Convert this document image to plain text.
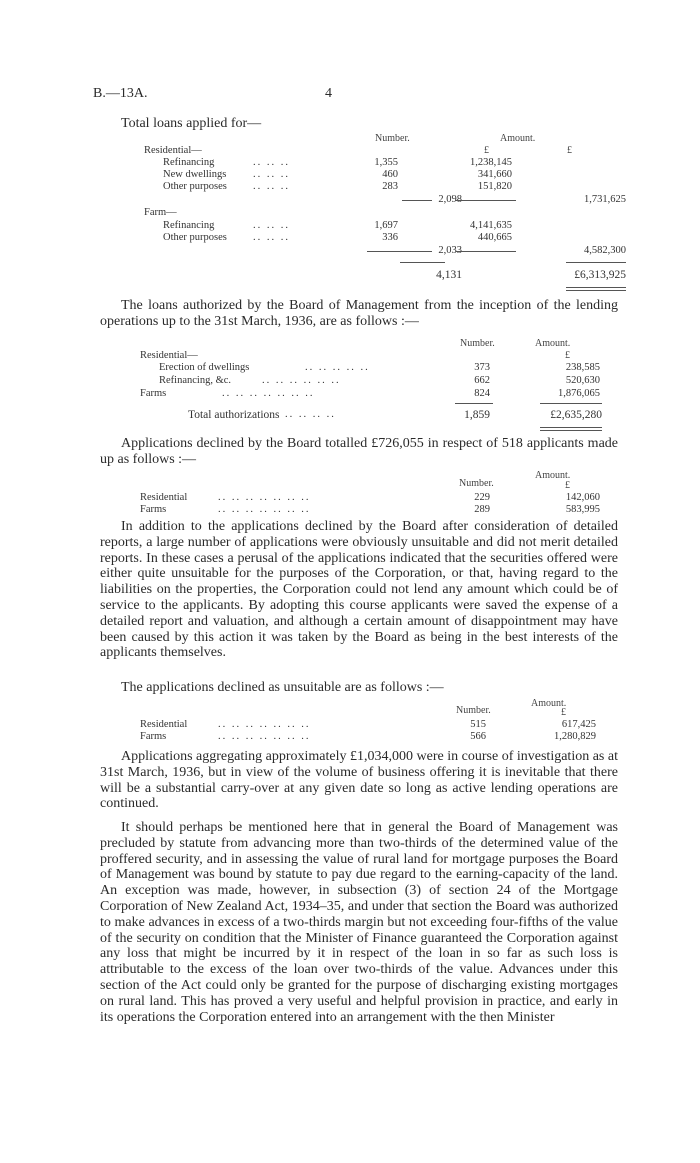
B.—13A.	4
Total loans applied for—
Number.	Amount.
£	£
Residential—
Refinancing	.. .. ..	1,355	1,238,145
New dwellings	.. .. ..	460	341,660
Other purposes .. .. ..	283	151,820
2,098	1,731,625
Farm—
Refinancing	.. .. ..	1,697	4,141,635
Other purposes .. .. ..	336	440,665
2,033	4,582,300
4,131	£6,313,925

The loans authorized by the Board of Management from the inception of the lending operations up to the 31st March, 1936, are as follows :—

Number.	Amount.
£
Residential—
Erection of dwellings	.. .. .. .. ..	373	238,585
Refinancing, &c.	.. .. .. .. .. ..	662	520,630
Farms	.. .. .. .. .. .. ..	824	1,876,065
Total authorizations .. .. .. ..	1,859	£2,635,280

Applications declined by the Board totalled £726,055 in respect of 518 applicants made up as follows :—

Amount.
Number.	£
Residential	.. .. .. .. .. .. ..	229	142,060
Farms	.. .. .. .. .. .. ..	289	583,995

In addition to the applications declined by the Board after consideration of detailed reports, a large number of applications were obviously unsuitable and did not merit detailed reports. In these cases a perusal of the applications indicated that the securities offered were either quite unsuitable for the purposes of the Corporation, or that, having regard to the liabilities on the properties, the Corporation could not lend any amount which could be of service to the applicants. By adopting this course applicants were saved the expense of a detailed report and valuation, and although a certain amount of disappointment may have been caused by this action it was taken by the Board as being in the best interests of the applicants themselves.

The applications declined as unsuitable are as follows :—

Amount.
Number.	£
Residential	.. .. .. .. .. .. ..	515	617,425
Farms	.. .. .. .. .. .. ..	566	1,280,829

Applications aggregating approximately £1,034,000 were in course of investigation as at 31st March, 1936, but in view of the volume of business offering it is inevitable that there will be a substantial carry-over at any given date so long as active lending operations are continued.

It should perhaps be mentioned here that in general the Board of Management was precluded by statute from advancing more than two-thirds of the determined value of the proffered security, and in assessing the value of rural land for mortgage purposes the Board of Management was bound by statute to pay due regard to the earning-capacity of the land. An exception was made, however, in subsection (3) of section 24 of the Mortgage Corporation of New Zealand Act, 1934–35, and under that section the Board was authorized to make advances in excess of a two-thirds margin but not exceeding four-fifths of the value of the security on condition that the Minister of Finance guaranteed the Corporation against any loss that might be incurred by it in respect of the loan in so far as such loss is attributable to the excess of the loan over two-thirds of the value. Advances under this section of the Act could only be granted for the purpose of discharging existing mortgages on rural land. This has proved a very useful and helpful provision in practice, and early in its operations the Corporation entered into an arrangement with the then Minister
